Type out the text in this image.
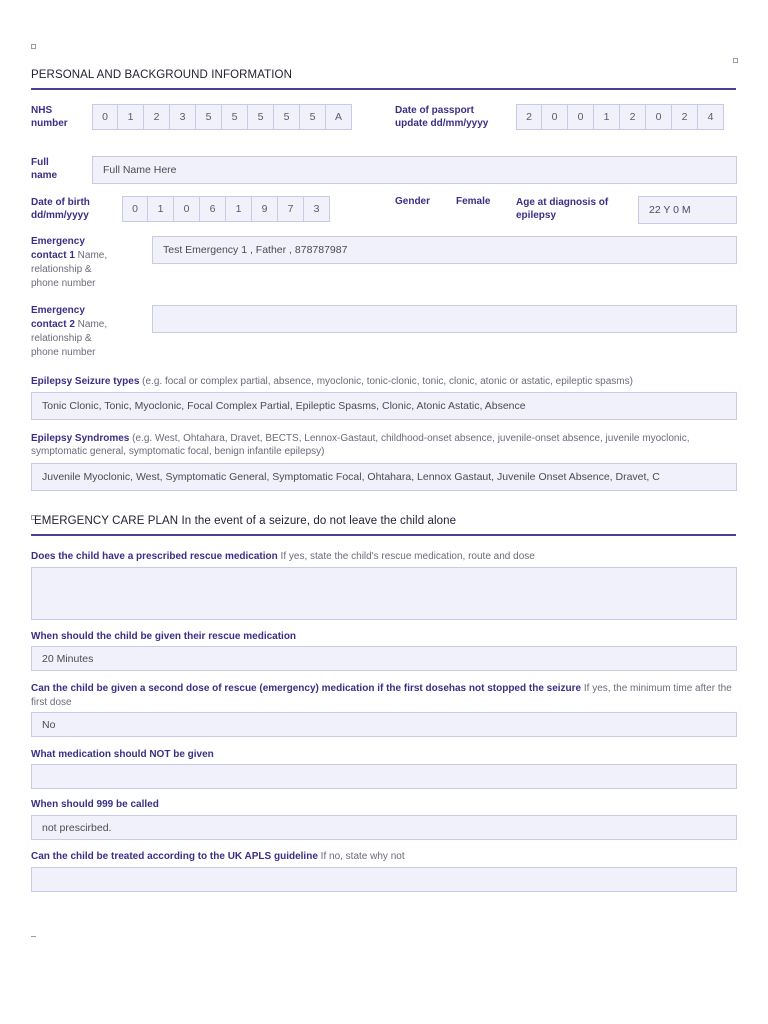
PERSONAL AND BACKGROUND INFORMATION
NHS number
0	1	2	3	5	5	5	5	5	A
Date of passport update dd/mm/yyyy
2	0	0	1	2	0	2	4
Full name	Full Name Here
Date of birth dd/mm/yyyy
0	1	0	6	1	9	7	3
Gender	Female	Age at diagnosis of epilepsy	22 Y 0 M
Emergency contact 1 Name, relationship & phone number
Test Emergency 1 , Father , 878787987
Emergency contact 2 Name, relationship & phone number
Epilepsy Seizure types (e.g. focal or complex partial, absence, myoclonic, tonic-clonic, tonic, clonic, atonic or astatic, epileptic spasms)
Tonic Clonic, Tonic, Myoclonic, Focal Complex Partial, Epileptic Spasms, Clonic, Atonic Astatic, Absence
Epilepsy Syndromes (e.g. West, Ohtahara, Dravet, BECTS, Lennox-Gastaut, childhood-onset absence, juvenile-onset absence, juvenile myoclonic, symptomatic general, symptomatic focal, benign infantile epilepsy)
Juvenile Myoclonic, West, Symptomatic General, Symptomatic Focal, Ohtahara, Lennox Gastaut, Juvenile Onset Absence, Dravet, C
EMERGENCY CARE PLAN In the event of a seizure, do not leave the child alone
Does the child have a prescribed rescue medication If yes, state the child's rescue medication, route and dose
When should the child be given their rescue medication
20 Minutes
Can the child be given a second dose of rescue (emergency) medication if the first dosehas not stopped the seizure If yes, the minimum time after the first dose
No
What medication should NOT be given
When should 999 be called
not prescirbed.
Can the child be treated according to the UK APLS guideline If no, state why not
